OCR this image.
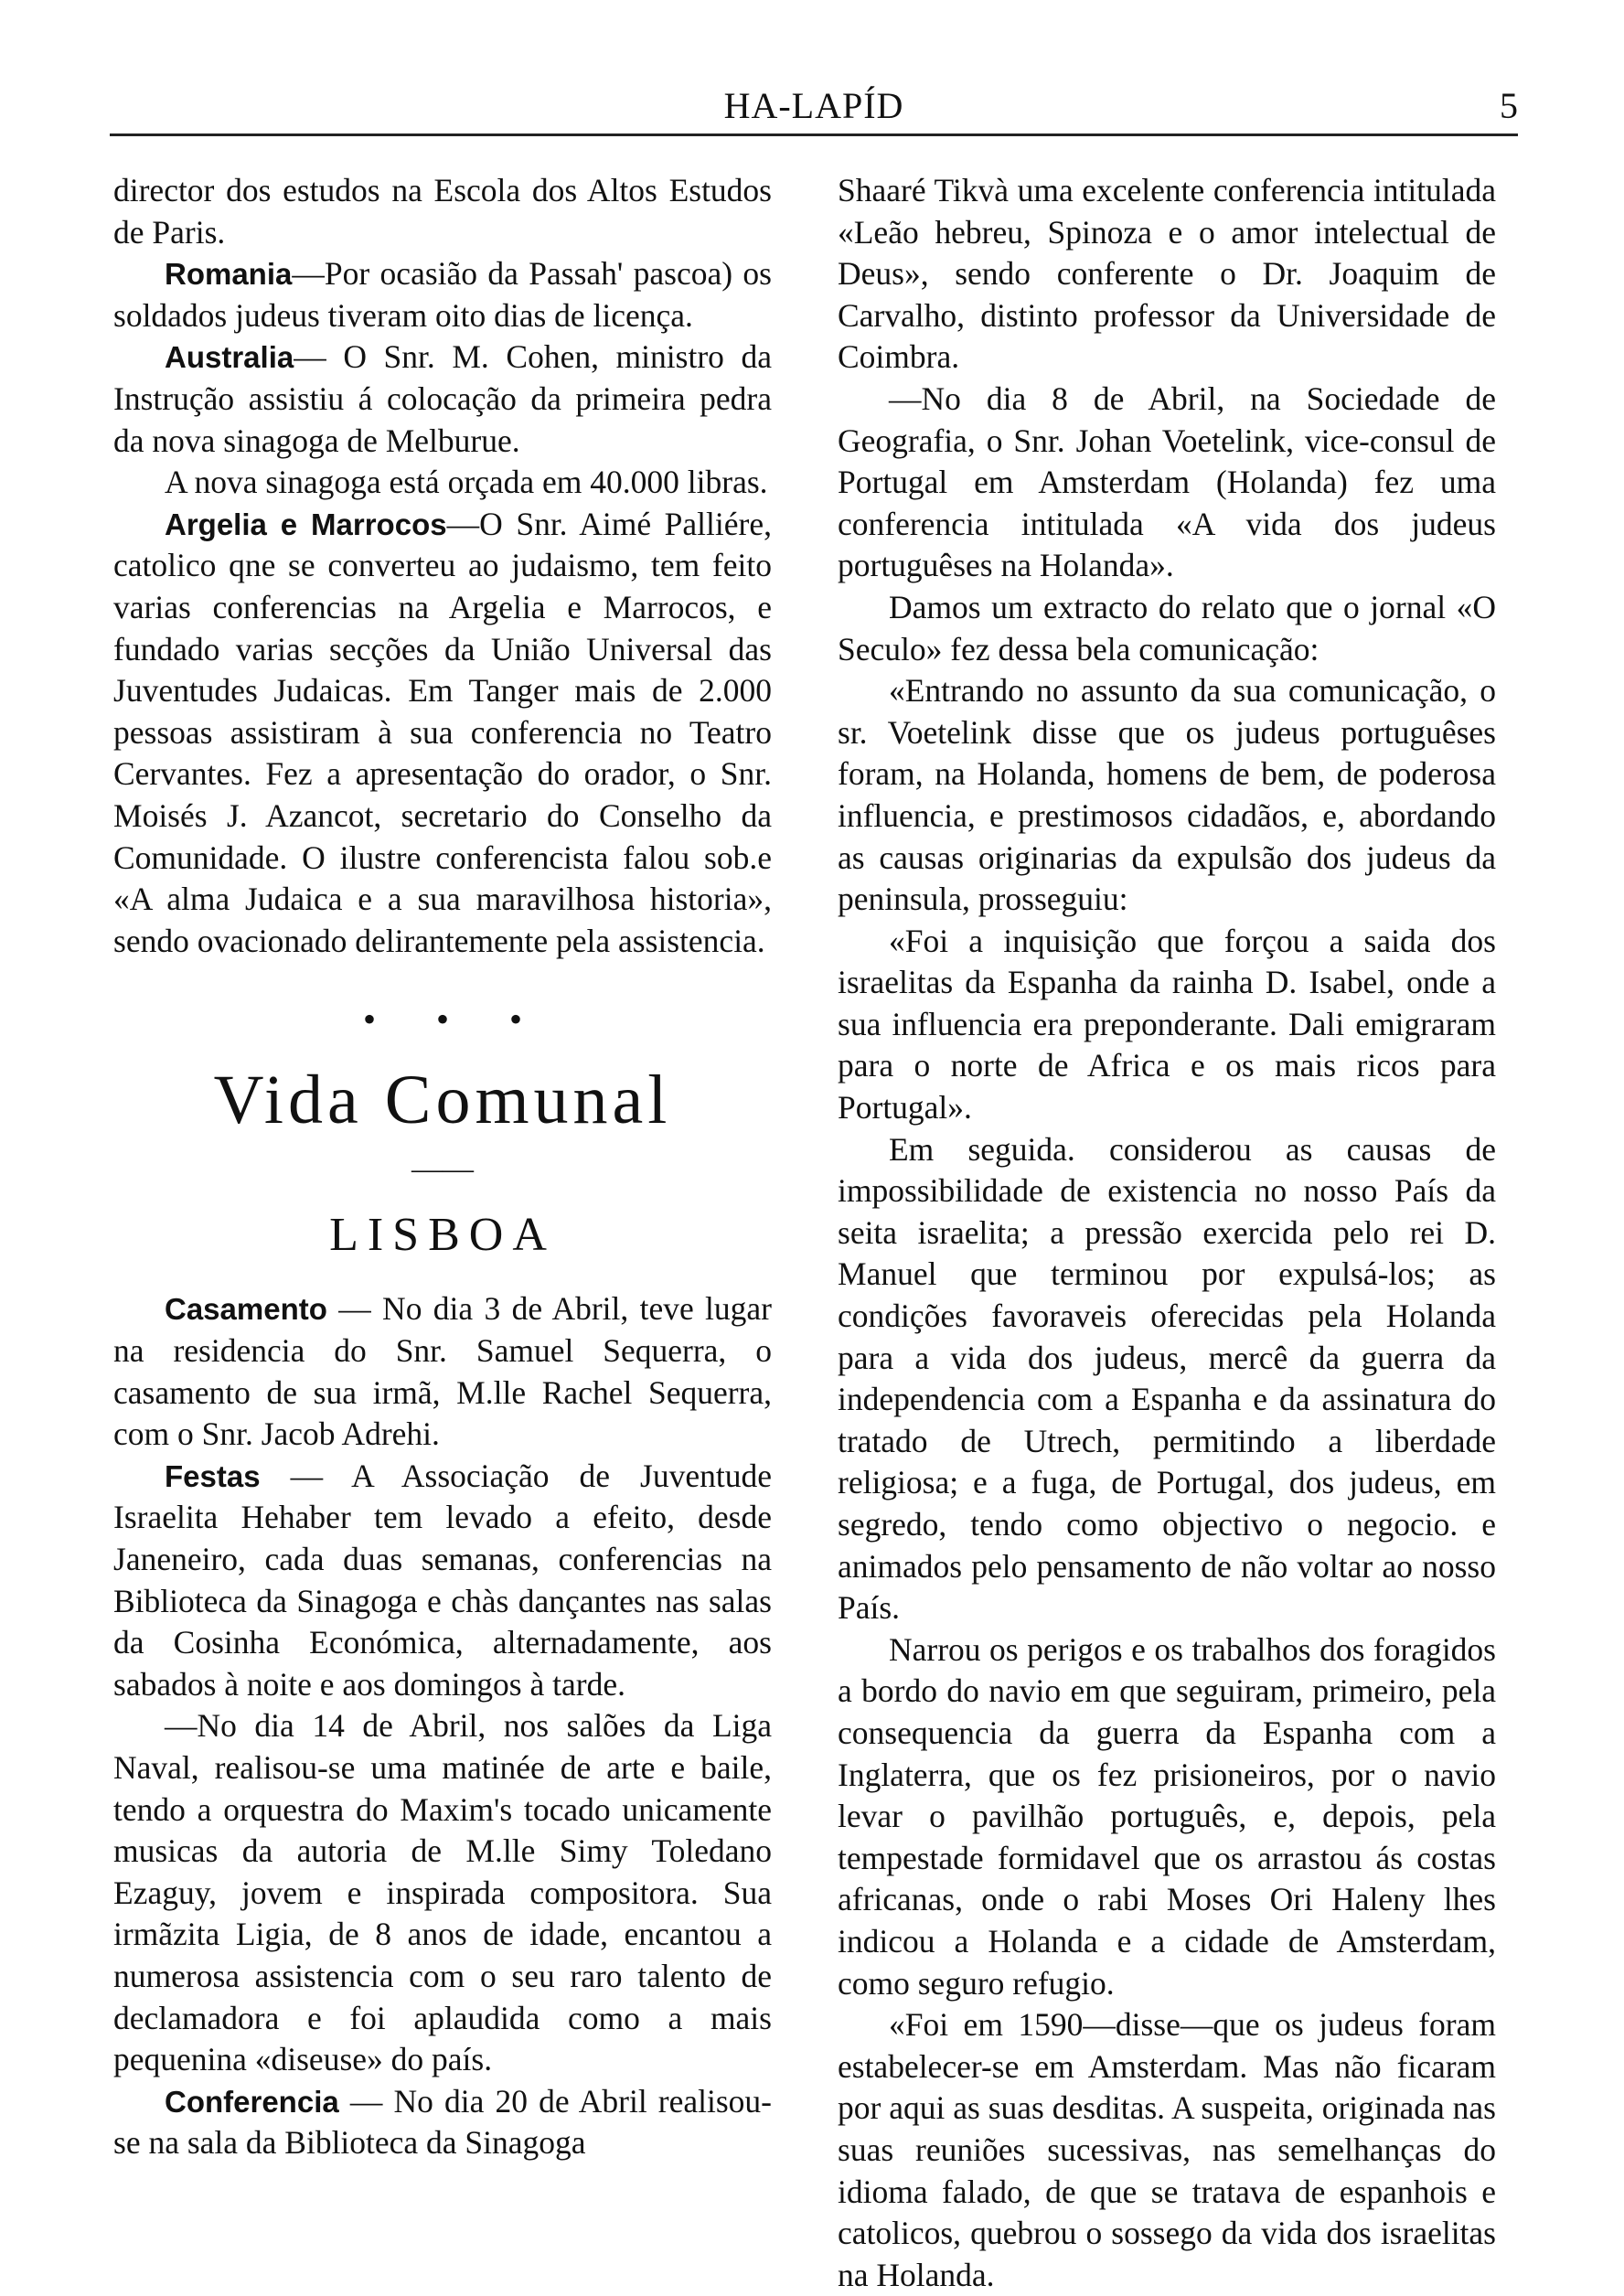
HA-LAPÍD	5

director dos estudos na Escola dos Altos Estudos de Paris.

Romania—Por ocasião da Passah' pascoa) os soldados judeus tiveram oito dias de licença.

Australia— O Snr. M. Cohen, ministro da Instrução assistiu á colocação da primeira pedra da nova sinagoga de Melburue.

A nova sinagoga está orçada em 40.000 libras.

Argelia e Marrocos—O Snr. Aimé Palliére, catolico qne se converteu ao judaismo, tem feito varias conferencias na Argelia e Marrocos, e fundado varias secções da União Universal das Juventudes Judaicas. Em Tanger mais de 2.000 pessoas assistiram à sua conferencia no Teatro Cervantes. Fez a apresentação do orador, o Snr. Moisés J. Azancot, secretario do Conselho da Comunidade. O ilustre conferencista falou sob.e «A alma Judaica e a sua maravilhosa historia», sendo ovacionado delirantemente pela assistencia.

• • •
Vida Comunal
——
LISBOA

Casamento — No dia 3 de Abril, teve lugar na residencia do Snr. Samuel Sequerra, o casamento de sua irmã, M.lle Rachel Sequerra, com o Snr. Jacob Adrehi.

Festas — A Associação de Juventude Israelita Hehaber tem levado a efeito, desde Janeneiro, cada duas semanas, conferencias na Biblioteca da Sinagoga e chàs dançantes nas salas da Cosinha Económica, alternadamente, aos sabados à noite e aos domingos à tarde.

—No dia 14 de Abril, nos salões da Liga Naval, realisou-se uma matinée de arte e baile, tendo a orquestra do Maxim's tocado unicamente musicas da autoria de M.lle Simy Toledano Ezaguy, jovem e inspirada compositora. Sua irmãzita Ligia, de 8 anos de idade, encantou a numerosa assistencia com o seu raro talento de declamadora e foi aplaudida como a mais pequenina «diseuse» do país.

Conferencia — No dia 20 de Abril realisou-se na sala da Biblioteca da Sinagoga

Shaaré Tikvà uma excelente conferencia intitulada «Leão hebreu, Spinoza e o amor intelectual de Deus», sendo conferente o Dr. Joaquim de Carvalho, distinto professor da Universidade de Coimbra.

—No dia 8 de Abril, na Sociedade de Geografia, o Snr. Johan Voetelink, vice-consul de Portugal em Amsterdam (Holanda) fez uma conferencia intitulada «A vida dos judeus portuguêses na Holanda».

Damos um extracto do relato que o jornal «O Seculo» fez dessa bela comunicação:

«Entrando no assunto da sua comunicação, o sr. Voetelink disse que os judeus portuguêses foram, na Holanda, homens de bem, de poderosa influencia, e prestimosos cidadãos, e, abordando as causas originarias da expulsão dos judeus da peninsula, prosseguiu:

«Foi a inquisição que forçou a saida dos israelitas da Espanha da rainha D. Isabel, onde a sua influencia era preponderante. Dali emigraram para o norte de Africa e os mais ricos para Portugal».

Em seguida. considerou as causas de impossibilidade de existencia no nosso País da seita israelita; a pressão exercida pelo rei D. Manuel que terminou por expulsá-los; as condições favoraveis oferecidas pela Holanda para a vida dos judeus, mercê da guerra da independencia com a Espanha e da assinatura do tratado de Utrech, permitindo a liberdade religiosa; e a fuga, de Portugal, dos judeus, em segredo, tendo como objectivo o negocio. e animados pelo pensamento de não voltar ao nosso País.

Narrou os perigos e os trabalhos dos foragidos a bordo do navio em que seguiram, primeiro, pela consequencia da guerra da Espanha com a Inglaterra, que os fez prisioneiros, por o navio levar o pavilhão português, e, depois, pela tempestade formidavel que os arrastou ás costas africanas, onde o rabi Moses Ori Haleny lhes indicou a Holanda e a cidade de Amsterdam, como seguro refugio.

«Foi em 1590—disse—que os judeus foram estabelecer-se em Amsterdam. Mas não ficaram por aqui as suas desditas. A suspeita, originada nas suas reuniões sucessivas, nas semelhanças do idioma falado, de que se tratava de espanhois e catolicos, quebrou o sossego da vida dos israelitas na Holanda.
